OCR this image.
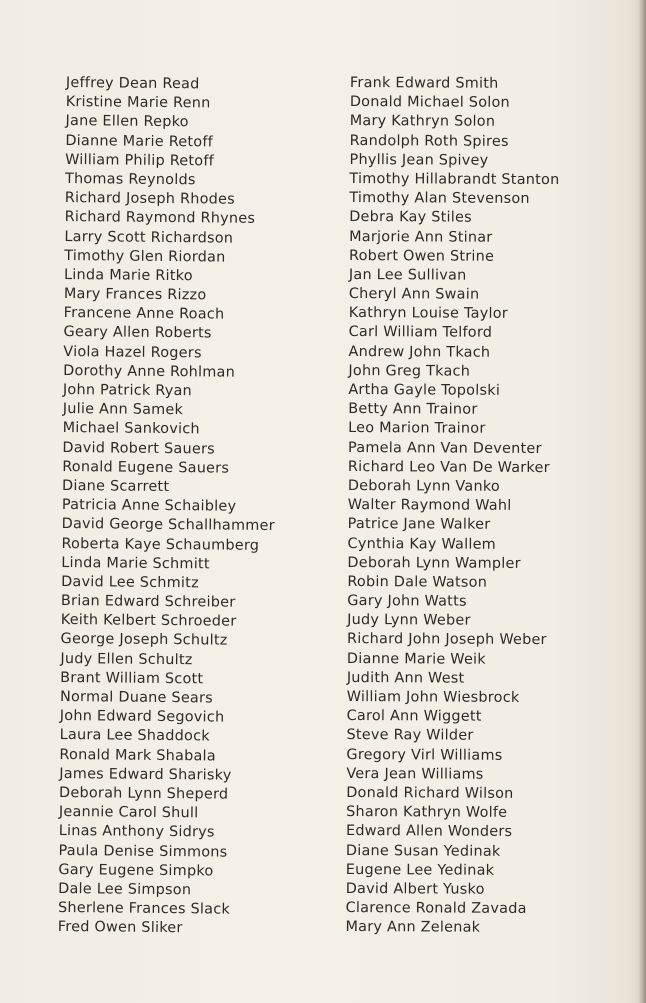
Jeffrey Dean Read
Kristine Marie Renn
Jane Ellen Repko
Dianne Marie Retoff
William Philip Retoff
Thomas Reynolds
Richard Joseph Rhodes
Richard Raymond Rhynes
Larry Scott Richardson
Timothy Glen Riordan
Linda Marie Ritko
Mary Frances Rizzo
Francene Anne Roach
Geary Allen Roberts
Viola Hazel Rogers
Dorothy Anne Rohlman
John Patrick Ryan
Julie Ann Samek
Michael Sankovich
David Robert Sauers
Ronald Eugene Sauers
Diane Scarrett
Patricia Anne Schaibley
David George Schallhammer
Roberta Kaye Schaumberg
Linda Marie Schmitt
David Lee Schmitz
Brian Edward Schreiber
Keith Kelbert Schroeder
George Joseph Schultz
Judy Ellen Schultz
Brant William Scott
Normal Duane Sears
John Edward Segovich
Laura Lee Shaddock
Ronald Mark Shabala
James Edward Sharisky
Deborah Lynn Sheperd
Jeannie Carol Shull
Linas Anthony Sidrys
Paula Denise Simmons
Gary Eugene Simpko
Dale Lee Simpson
Sherlene Frances Slack
Fred Owen Sliker
Frank Edward Smith
Donald Michael Solon
Mary Kathryn Solon
Randolph Roth Spires
Phyllis Jean Spivey
Timothy Hillabrandt Stanton
Timothy Alan Stevenson
Debra Kay Stiles
Marjorie Ann Stinar
Robert Owen Strine
Jan Lee Sullivan
Cheryl Ann Swain
Kathryn Louise Taylor
Carl William Telford
Andrew John Tkach
John Greg Tkach
Artha Gayle Topolski
Betty Ann Trainor
Leo Marion Trainor
Pamela Ann Van Deventer
Richard Leo Van De Warker
Deborah Lynn Vanko
Walter Raymond Wahl
Patrice Jane Walker
Cynthia Kay Wallem
Deborah Lynn Wampler
Robin Dale Watson
Gary John Watts
Judy Lynn Weber
Richard John Joseph Weber
Dianne Marie Weik
Judith Ann West
William John Wiesbrock
Carol Ann Wiggett
Steve Ray Wilder
Gregory Virl Williams
Vera Jean Williams
Donald Richard Wilson
Sharon Kathryn Wolfe
Edward Allen Wonders
Diane Susan Yedinak
Eugene Lee Yedinak
David Albert Yusko
Clarence Ronald Zavada
Mary Ann Zelenak
